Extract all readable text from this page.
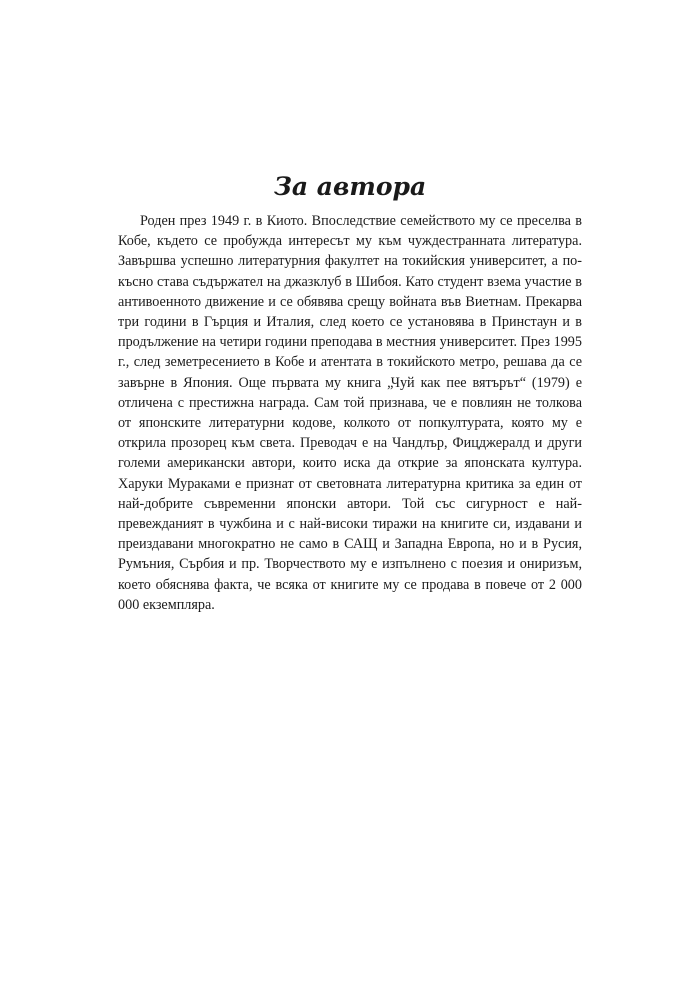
За автора

Роден през 1949 г. в Киото. Впоследствие семейството му се преселва в Кобе, където се пробужда интересът му към чуждестранната литература. Завършва успешно литературния факултет на токийския университет, а по-късно става съдържател на джазклуб в Шибоя. Като студент взема участие в антивоенното движение и се обявява срещу войната във Виетнам. Прекарва три години в Гърция и Италия, след което се установява в Принстаун и в продължение на четири години преподава в местния университет. През 1995 г., след земетресението в Кобе и атентата в токийското метро, решава да се завърне в Япония. Още първата му книга „Чуй как пее вятърът“ (1979) е отличена с престижна награда. Сам той признава, че е повлиян не толкова от японските литературни кодове, колкото от попкултурата, която му е открила прозорец към света. Преводач е на Чандлър, Фицджералд и други големи американски автори, които иска да открие за японската култура. Харуки Мураками е признат от световната литературна критика за един от най-добрите съвременни японски автори. Той със сигурност е най-превежданият в чужбина и с най-високи тиражи на книгите си, издавани и преиздавани многократно не само в САЩ и Западна Европа, но и в Русия, Румъния, Сърбия и пр. Творчеството му е изпълнено с поезия и ониризъм, което обяснява факта, че всяка от книгите му се продава в повече от 2 000 000 екземпляра.
